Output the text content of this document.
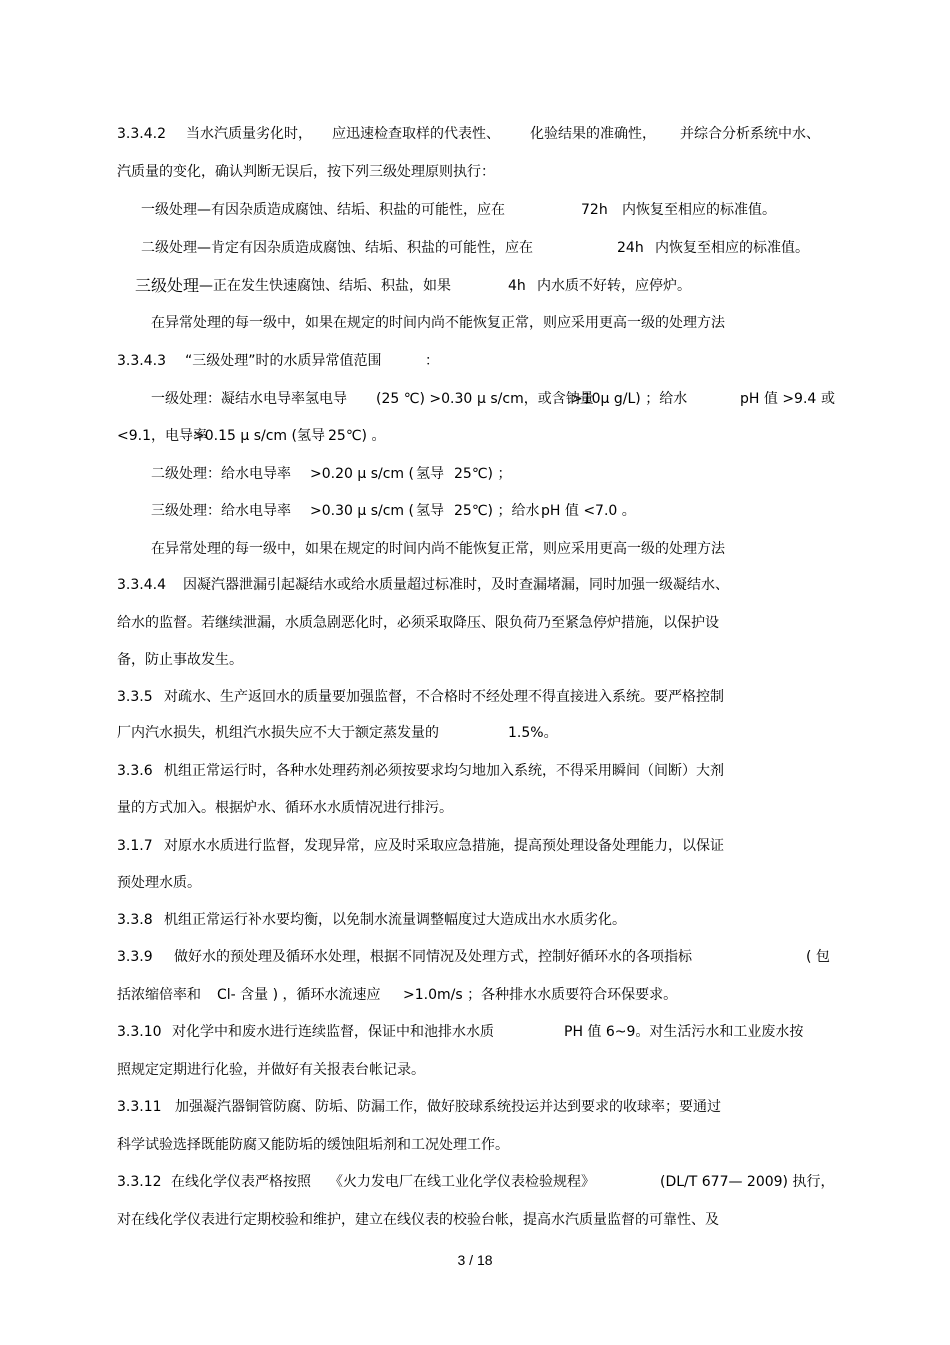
3.3.4.2 当水汽质量劣化时， 应迅速检查取样的代表性、 化验结果的准确性， 并综合分析系统中水、
汽质量的变化，确认判断无误后，按下列三级处理原则执行：
一级处理—有因杂质造成腐蚀、结垢、积盐的可能性，应在	72h 内恢复至相应的标准值。
二级处理—肯定有因杂质造成腐蚀、结垢、积盐的可能性，应在	24h 内恢复至相应的标准值。
三级处理 —正在发生快速腐蚀、结垢、积盐，如果	4h 内水质不好转，应停炉。
在异常处理的每一级中，如果在规定的时间内尚不能恢复正常，则应采用更高一级的处理方法
3.3.4.3 “三级处理”时的水质异常值范围	：
一级处理：凝结水电导率氢电导 (25 ℃) >0.30 μ s/cm，或含钠量
>10μ g/L) ；给水	pH 值 >9.4 或
<9.1，电导率
>0.15 μ s/cm ( 氢导 25℃) 。
二级处理：给水电导率 >0.20 μ s/cm ( 氢导 25℃) ；
三级处理：给水电导率 >0.30 μ s/cm ( 氢导 25℃) ；给水 pH 值 <7.0 。
在异常处理的每一级中，如果在规定的时间内尚不能恢复正常，则应采用更高一级的处理方法
3.3.4.4 因凝汽器泄漏引起凝结水或给水质量超过标准时，及时查漏堵漏，同时加强一级凝结水、
给水的监督。若继续泄漏，水质急剧恶化时，必须采取降压、限负荷乃至紧急停炉措施，以保护设
备，防止事故发生。
3.3.5 对疏水、生产返回水的质量要加强监督，不合格时不经处理不得直接进入系统。要严格控制
厂内汽水损失，机组汽水损失应不大于额定蒸发量的	1.5%。
3.3.6 机组正常运行时，各种水处理药剂必须按要求均匀地加入系统，不得采用瞬间（间断）大剂
量的方式加入。根据炉水、循环水水质情况进行排污。
3.1.7 对原水水质进行监督，发现异常，应及时采取应急措施，提高预处理设备处理能力，以保证
预处理水质。
3.3.8 机组正常运行补水要均衡，以免制水流量调整幅度过大造成出水水质劣化。
3.3.9 做好水的预处理及循环水处理，根据不同情况及处理方式，控制好循环水的各项指标	( 包
括浓缩倍率和 Cl- 含量 ) ，循环水流速应 >1.0m/s ；各种排水水质要符合环保要求。
3.3.10 对化学中和废水进行连续监督，保证中和池排水水质	PH 值 6~9。对生活污水和工业废水按
照规定定期进行化验，并做好有关报表台帐记录。
3.3.11 加强凝汽器铜管防腐、防垢、防漏工作，做好胶球系统投运并达到要求的收球率；要通过
科学试验选择既能防腐又能防垢的缓蚀阻垢剂和工况处理工作。
3.3.12 在线化学仪表严格按照 《火力发电厂在线工业化学仪表检验规程》	(DL/T 677— 2009) 执行，
对在线化学仪表进行定期校验和维护，建立在线仪表的校验台帐，提高水汽质量监督的可靠性、及
3 / 18
